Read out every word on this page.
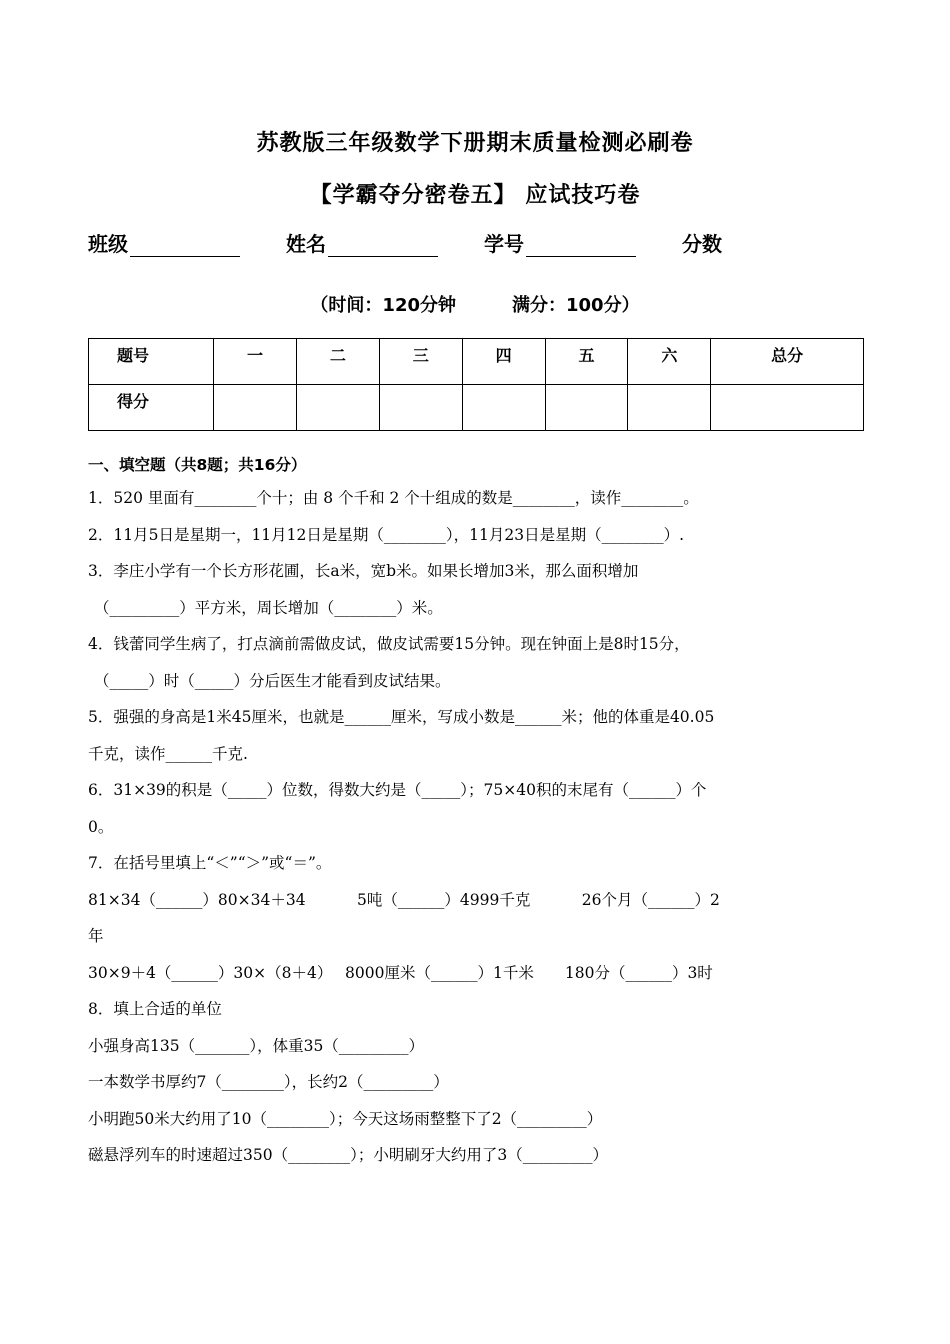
苏教版三年级数学下册期末质量检测必刷卷
【学霸夺分密卷五】 应试技巧卷
班级	姓名	学号	分数
（时间：120分钟	满分：100分）
题号	一	二	三	四	五	六	总分
得分							
一、填空题（共8题；共16分）
1．520 里面有________个十；由 8 个千和 2 个十组成的数是________，读作________。
2．11月5日是星期一，11月12日是星期（________），11月23日是星期（________）.
3．李庄小学有一个长方形花圃，长a米，宽b米。如果长增加3米，那么面积增加
（_________）平方米，周长增加（________）米。
4．钱蕾同学生病了，打点滴前需做皮试，做皮试需要15分钟。现在钟面上是8时15分，
（_____）时（_____）分后医生才能看到皮试结果。
5．强强的身高是1米45厘米，也就是______厘米，写成小数是______米；他的体重是40.05
千克，读作______千克.
6．31×39的积是（_____）位数，得数大约是（_____）；75×40积的末尾有（______）个
0。
7．在括号里填上“＜”“＞”或“＝”。
81×34（______）80×34＋34　　　 5吨（______）4999千克　　　 26个月（______）2
年
30×9＋4（______）30×（8＋4）　 8000厘米（______）1千米　　180分（______）3时
8．填上合适的单位
小强身高135（_______），体重35（_________）
一本数学书厚约7（________），长约2（_________）
小明跑50米大约用了10（________）；今天这场雨整整下了2（_________）
磁悬浮列车的时速超过350（________）；小明刷牙大约用了3（_________）
